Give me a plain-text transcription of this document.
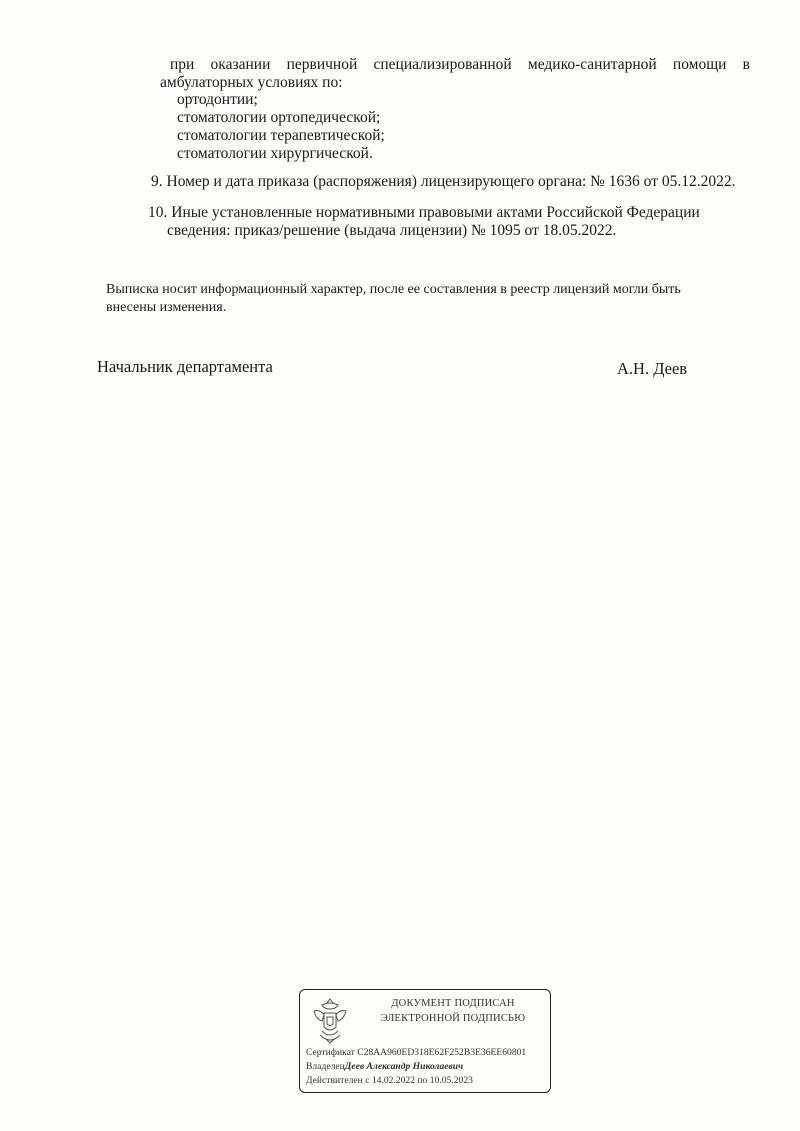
при оказании первичной специализированной медико-санитарной помощи в
амбулаторных условиях по:
ортодонтии;
стоматологии ортопедической;
стоматологии терапевтической;
стоматологии хирургической.
9. Номер и дата приказа (распоряжения) лицензирующего органа: № 1636 от 05.12.2022.
10. Иные установленные нормативными правовыми актами Российской Федерации
сведения: приказ/решение (выдача лицензии) № 1095 от 18.05.2022.
Выписка носит информационный характер, после ее составления в реестр лицензий могли быть
внесены изменения.
Начальник департамента	А.Н. Деев
ДОКУМЕНТ ПОДПИСАН
ЭЛЕКТРОННОЙ ПОДПИСЬЮ
Сертификат C28AA960ED318E62F252B3E36EE60801
ВладелецДеев Александр Николаевич
Действителен с 14.02.2022 по 10.05.2023
